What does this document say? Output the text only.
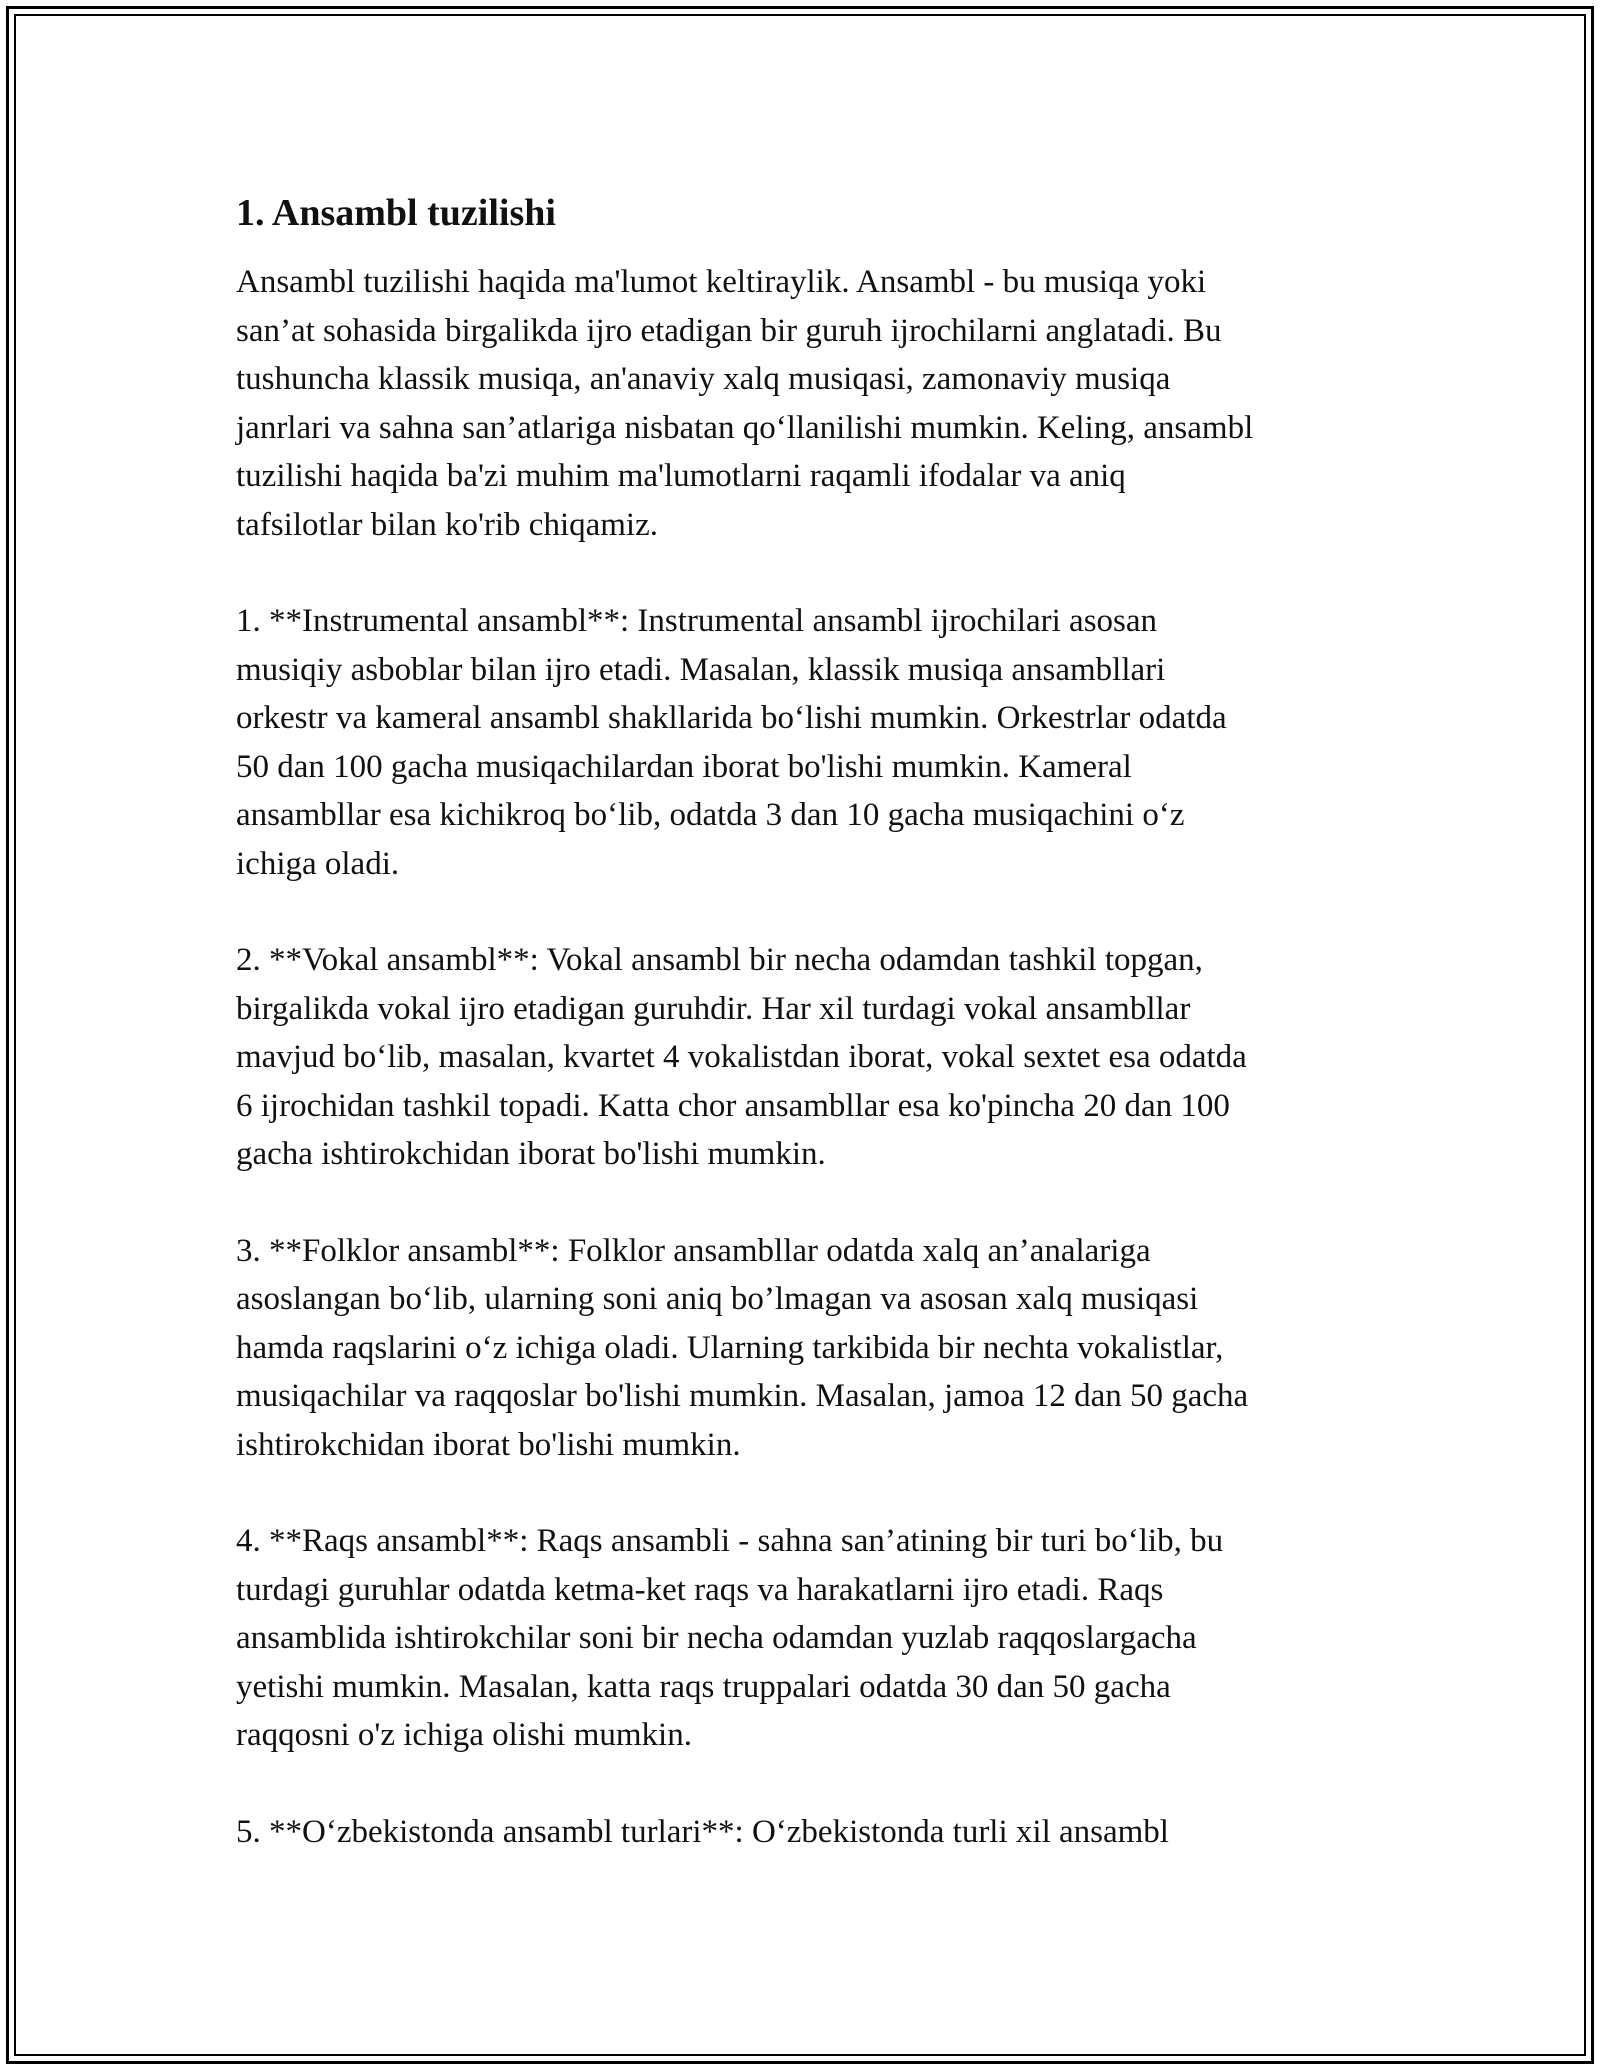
1. Ansambl tuzilishi

Ansambl tuzilishi haqida ma'lumot keltiraylik. Ansambl - bu musiqa yoki
san’at sohasida birgalikda ijro etadigan bir guruh ijrochilarni anglatadi. Bu
tushuncha klassik musiqa, an'anaviy xalq musiqasi, zamonaviy musiqa
janrlari va sahna san’atlariga nisbatan qo‘llanilishi mumkin. Keling, ansambl
tuzilishi haqida ba'zi muhim ma'lumotlarni raqamli ifodalar va aniq
tafsilotlar bilan ko'rib chiqamiz.

1. **Instrumental ansambl**: Instrumental ansambl ijrochilari asosan
musiqiy asboblar bilan ijro etadi. Masalan, klassik musiqa ansambllari
orkestr va kameral ansambl shakllarida bo‘lishi mumkin. Orkestrlar odatda
50 dan 100 gacha musiqachilardan iborat bo'lishi mumkin. Kameral
ansambllar esa kichikroq bo‘lib, odatda 3 dan 10 gacha musiqachini o‘z
ichiga oladi.

2. **Vokal ansambl**: Vokal ansambl bir necha odamdan tashkil topgan,
birgalikda vokal ijro etadigan guruhdir. Har xil turdagi vokal ansambllar
mavjud bo‘lib, masalan, kvartet 4 vokalistdan iborat, vokal sextet esa odatda
6 ijrochidan tashkil topadi. Katta chor ansambllar esa ko'pincha 20 dan 100
gacha ishtirokchidan iborat bo'lishi mumkin.

3. **Folklor ansambl**: Folklor ansambllar odatda xalq an’analariga
asoslangan bo‘lib, ularning soni aniq bo’lmagan va asosan xalq musiqasi
hamda raqslarini o‘z ichiga oladi. Ularning tarkibida bir nechta vokalistlar,
musiqachilar va raqqoslar bo'lishi mumkin. Masalan, jamoa 12 dan 50 gacha
ishtirokchidan iborat bo'lishi mumkin.

4. **Raqs ansambl**: Raqs ansambli - sahna san’atining bir turi bo‘lib, bu
turdagi guruhlar odatda ketma-ket raqs va harakatlarni ijro etadi. Raqs
ansamblida ishtirokchilar soni bir necha odamdan yuzlab raqqoslargacha
yetishi mumkin. Masalan, katta raqs truppalari odatda 30 dan 50 gacha
raqqosni o'z ichiga olishi mumkin.

5. **O‘zbekistonda ansambl turlari**: O‘zbekistonda turli xil ansambl
